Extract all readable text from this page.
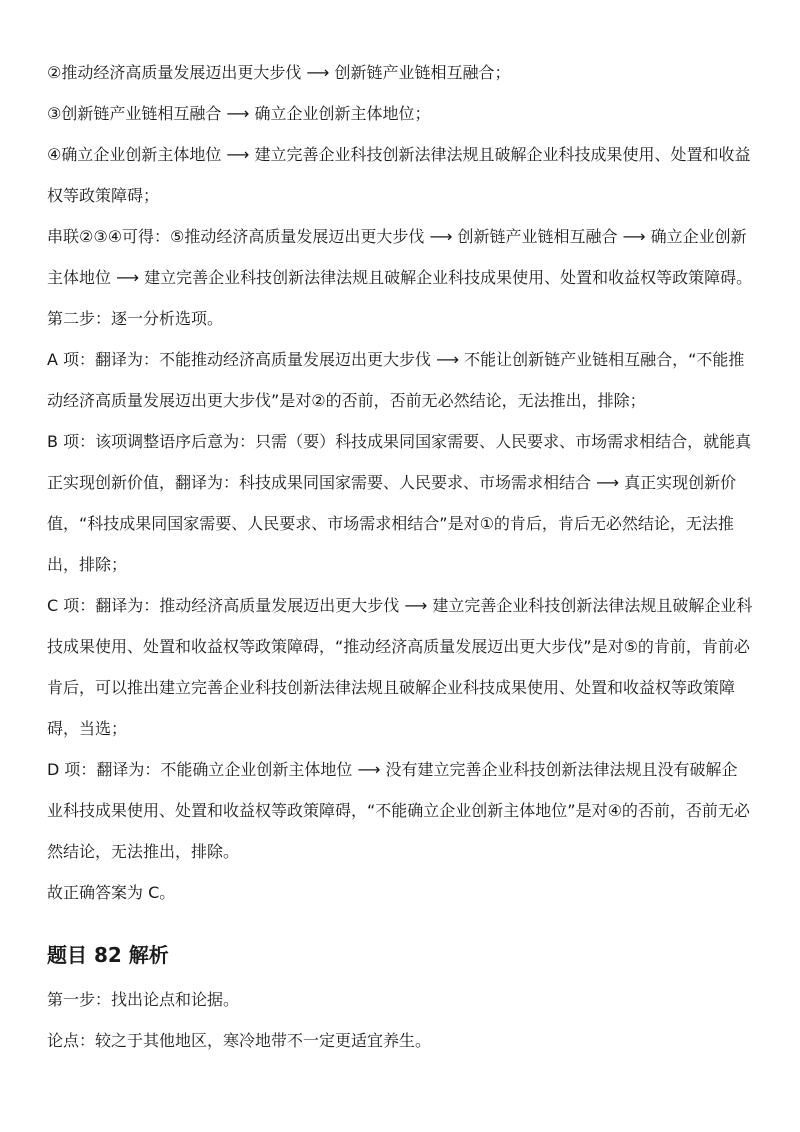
②推动经济高质量发展迈出更大步伐 ⟶ 创新链产业链相互融合；

③创新链产业链相互融合 ⟶ 确立企业创新主体地位；

④确立企业创新主体地位 ⟶ 建立完善企业科技创新法律法规且破解企业科技成果使用、处置和收益权等政策障碍；

串联②③④可得：⑤推动经济高质量发展迈出更大步伐 ⟶ 创新链产业链相互融合 ⟶ 确立企业创新主体地位 ⟶ 建立完善企业科技创新法律法规且破解企业科技成果使用、处置和收益权等政策障碍。

第二步：逐一分析选项。

A 项：翻译为：不能推动经济高质量发展迈出更大步伐 ⟶ 不能让创新链产业链相互融合，“不能推动经济高质量发展迈出更大步伐”是对②的否前，否前无必然结论，无法推出，排除；

B 项：该项调整语序后意为：只需（要）科技成果同国家需要、人民要求、市场需求相结合，就能真正实现创新价值，翻译为：科技成果同国家需要、人民要求、市场需求相结合 ⟶ 真正实现创新价值，“科技成果同国家需要、人民要求、市场需求相结合”是对①的肯后，肯后无必然结论，无法推出，排除；

C 项：翻译为：推动经济高质量发展迈出更大步伐 ⟶ 建立完善企业科技创新法律法规且破解企业科技成果使用、处置和收益权等政策障碍，“推动经济高质量发展迈出更大步伐”是对⑤的肯前，肯前必肯后，可以推出建立完善企业科技创新法律法规且破解企业科技成果使用、处置和收益权等政策障碍，当选；

D 项：翻译为：不能确立企业创新主体地位 ⟶ 没有建立完善企业科技创新法律法规且没有破解企业科技成果使用、处置和收益权等政策障碍，“不能确立企业创新主体地位”是对④的否前，否前无必然结论，无法推出，排除。

故正确答案为 C。

题目 82 解析

第一步：找出论点和论据。

论点：较之于其他地区，寒冷地带不一定更适宜养生。
